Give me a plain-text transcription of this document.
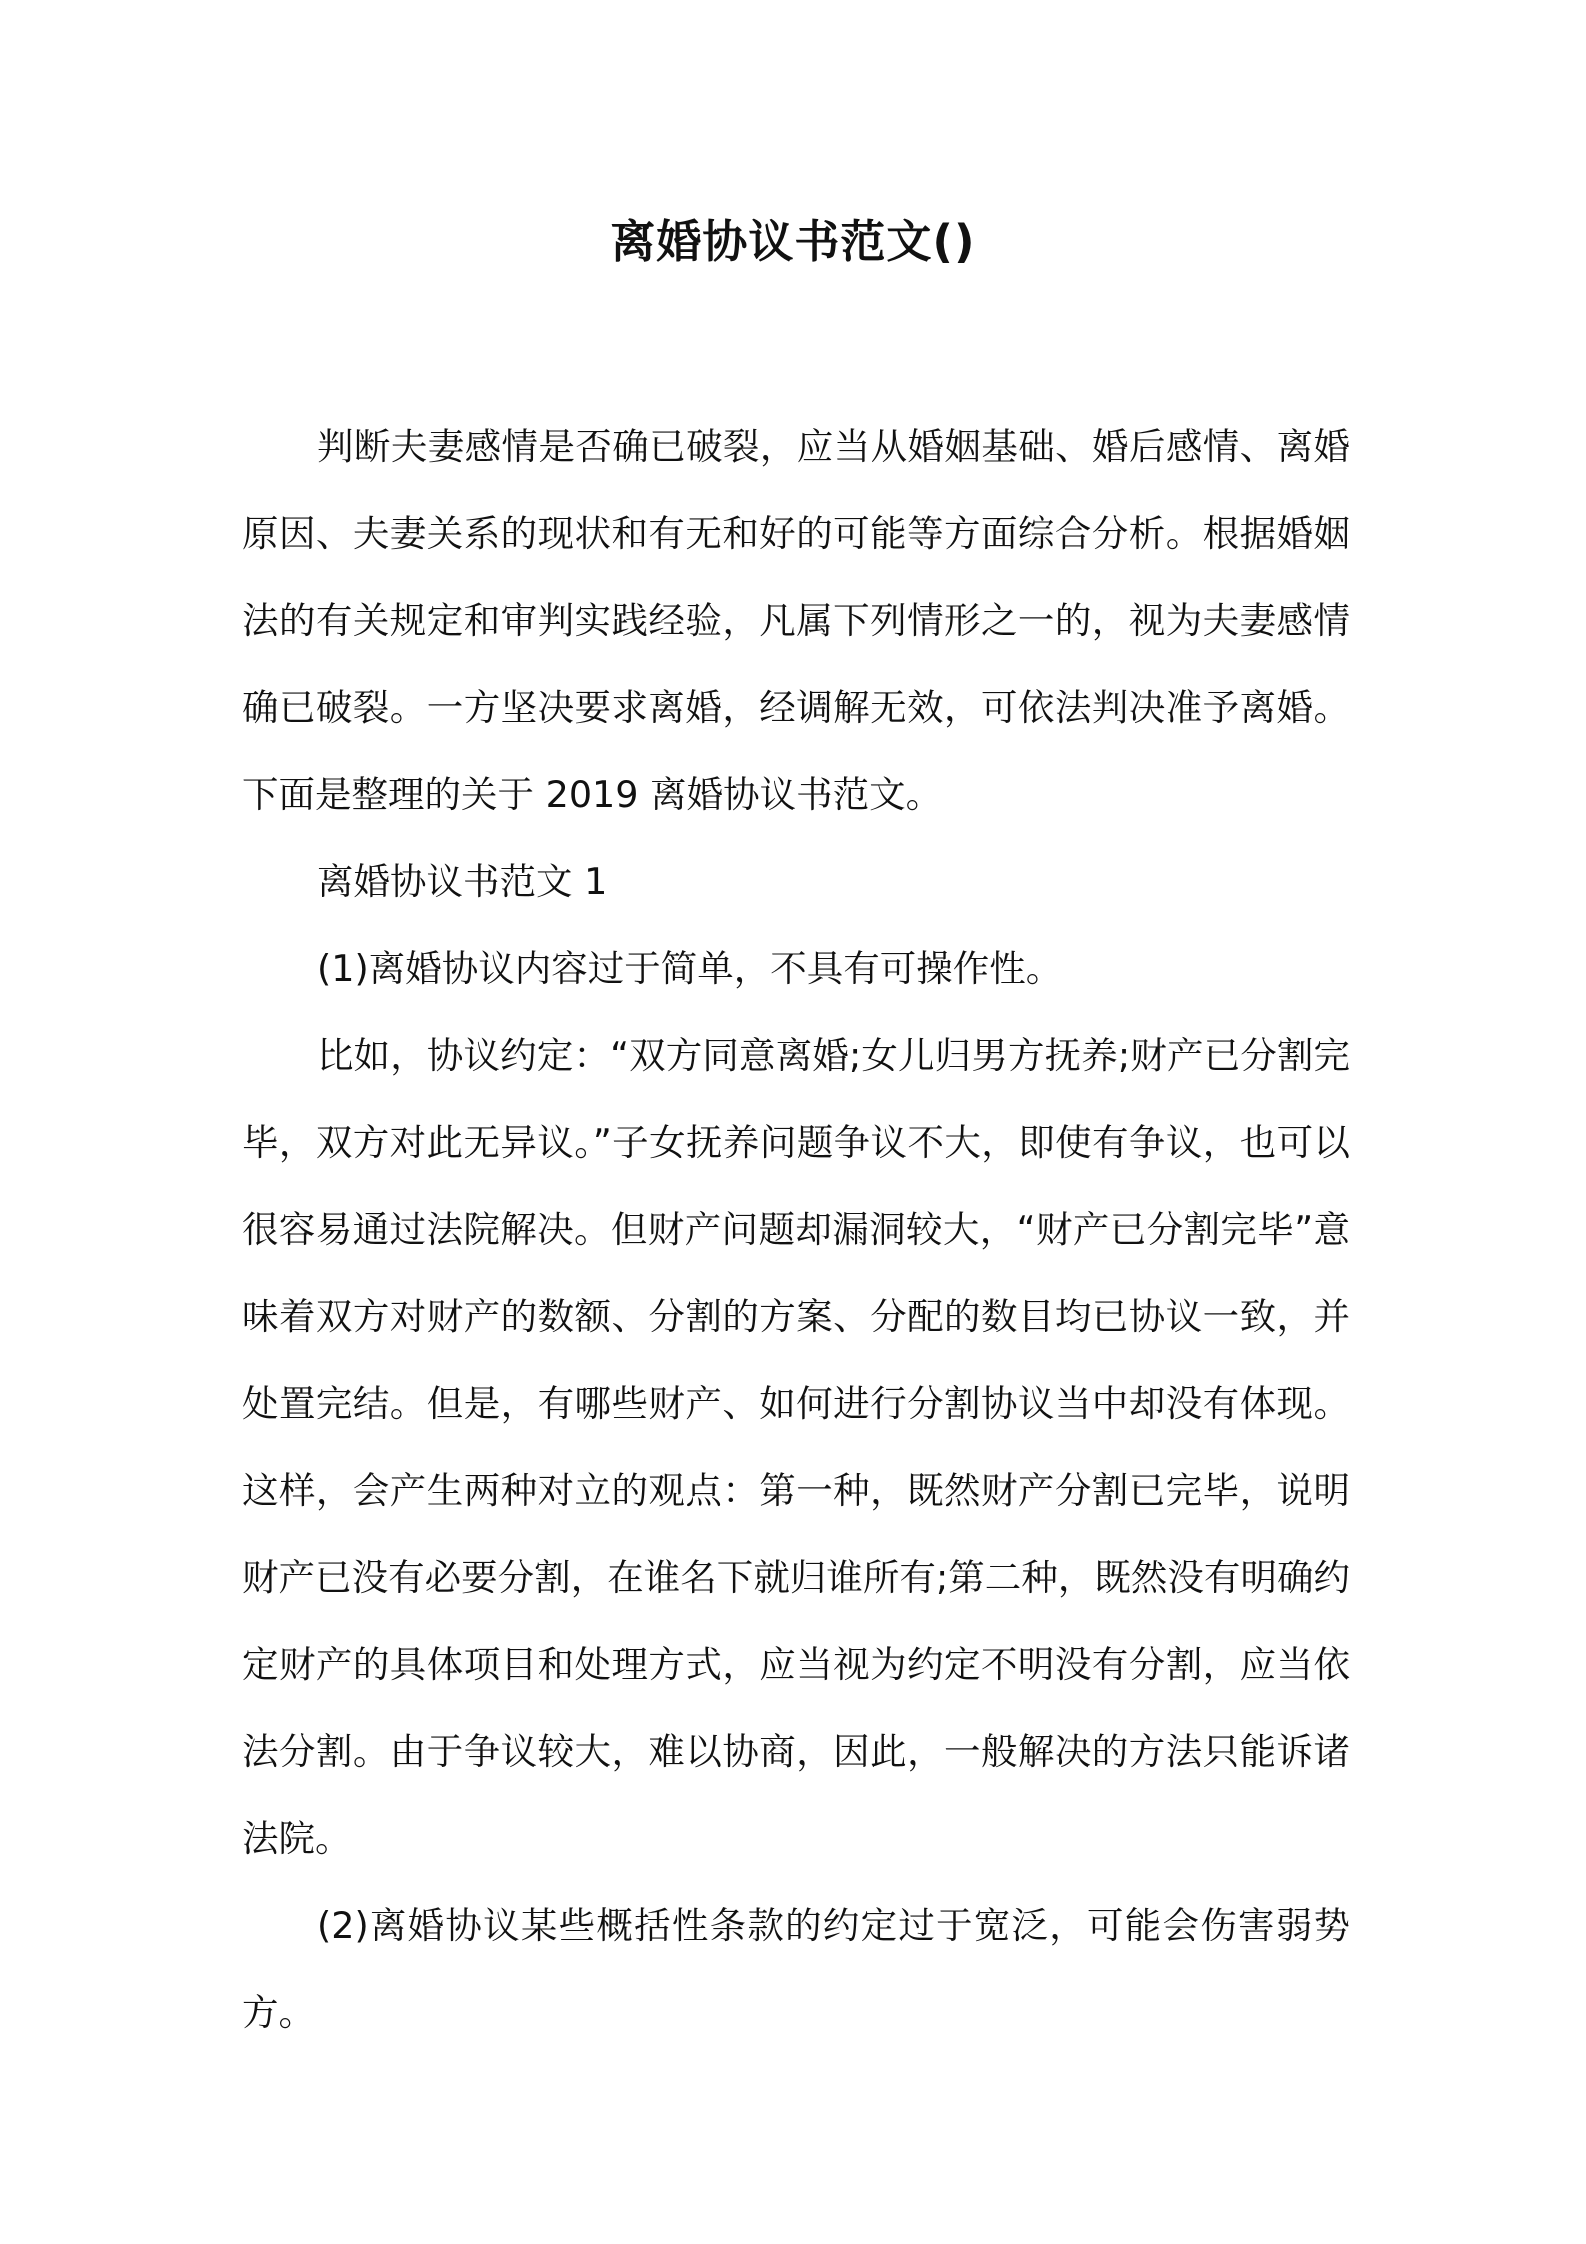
离婚协议书范文()

判断夫妻感情是否确已破裂，应当从婚姻基础、婚后感情、离婚原因、夫妻关系的现状和有无和好的可能等方面综合分析。根据婚姻法的有关规定和审判实践经验，凡属下列情形之一的，视为夫妻感情确已破裂。一方坚决要求离婚，经调解无效，可依法判决准予离婚。下面是整理的关于 2019 离婚协议书范文。

离婚协议书范文 1

(1)离婚协议内容过于简单，不具有可操作性。

比如，协议约定：“双方同意离婚;女儿归男方抚养;财产已分割完毕，双方对此无异议。”子女抚养问题争议不大，即使有争议，也可以很容易通过法院解决。但财产问题却漏洞较大，“财产已分割完毕”意味着双方对财产的数额、分割的方案、分配的数目均已协议一致，并处置完结。但是，有哪些财产、如何进行分割协议当中却没有体现。这样，会产生两种对立的观点：第一种，既然财产分割已完毕，说明财产已没有必要分割，在谁名下就归谁所有;第二种，既然没有明确约定财产的具体项目和处理方式，应当视为约定不明没有分割，应当依法分割。由于争议较大，难以协商，因此，一般解决的方法只能诉诸法院。

(2)离婚协议某些概括性条款的约定过于宽泛，可能会伤害弱势方。
